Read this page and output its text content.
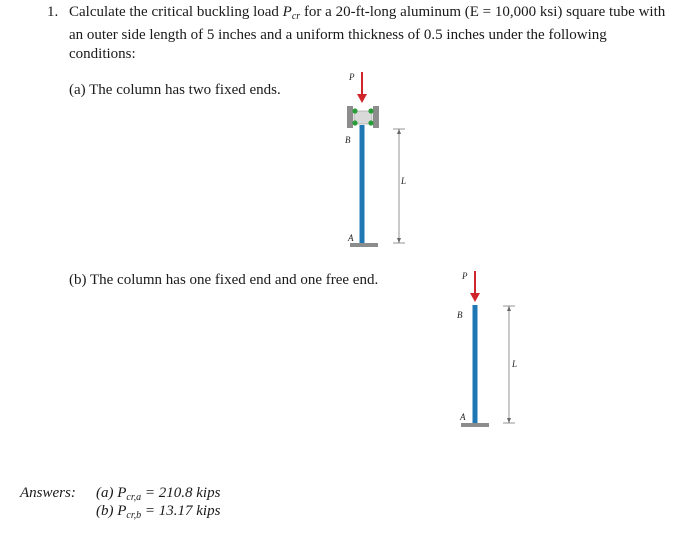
1. Calculate the critical buckling load $P_{cr}$ for a 20-ft-long aluminum (E = 10,000 ksi) square tube with an outer side length of 5 inches and a uniform thickness of 0.5 inches under the following conditions:
(a) The column has two fixed ends.
P
B
A
L
(b) The column has one fixed end and one free end.	P
B
A
L
Answers: (a) $P_{cr,a} = 210.8$ kips
(b) $P_{cr,b} = 13.17$ kips
